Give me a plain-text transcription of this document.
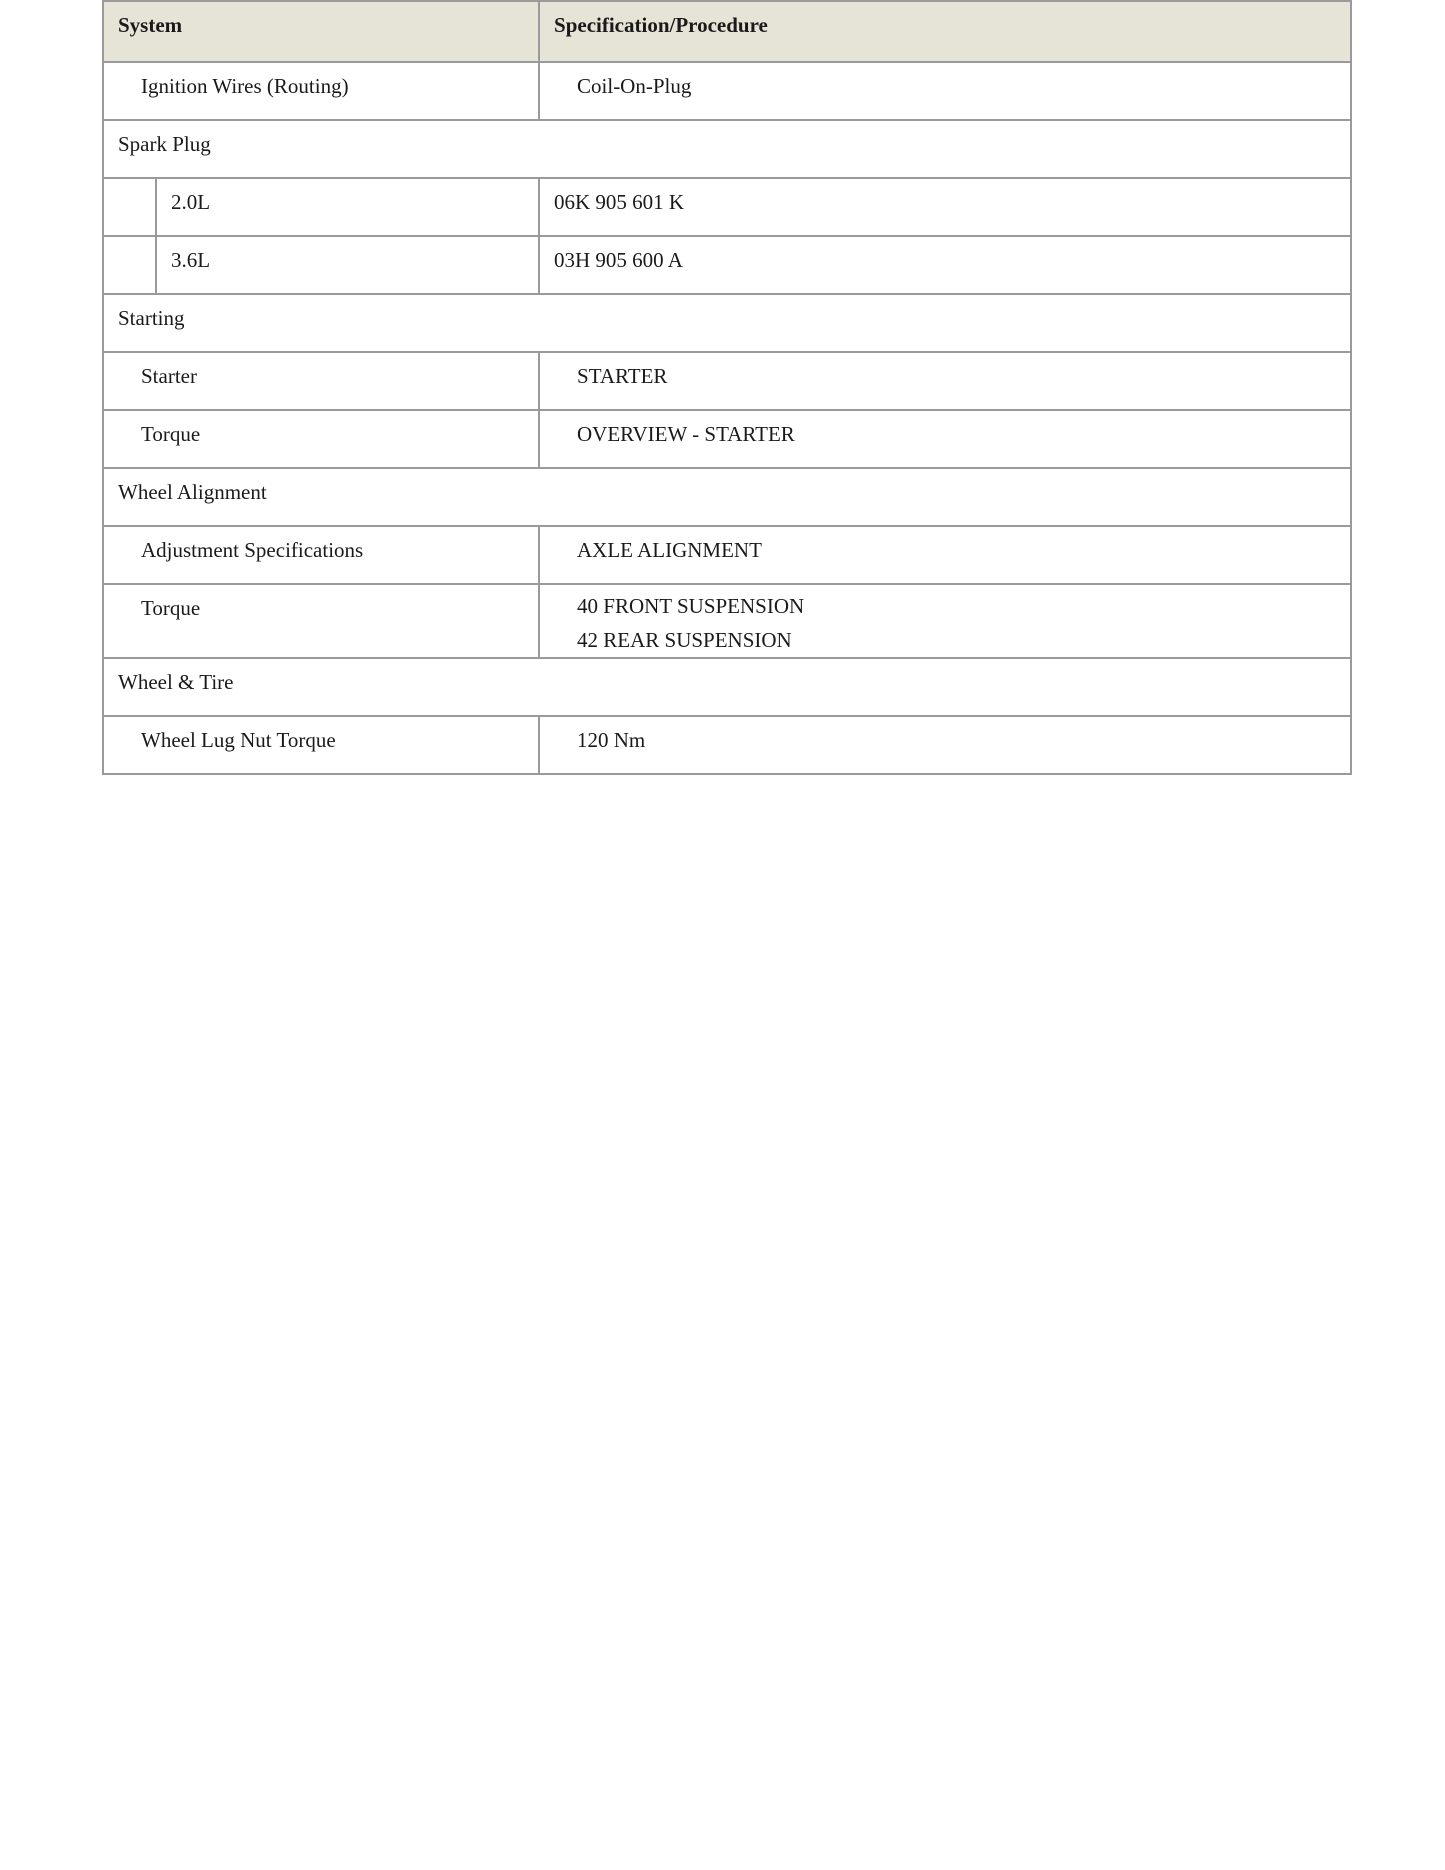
System		Specification/Procedure
Ignition Wires (Routing)		Coil-On-Plug
Spark Plug		
	2.0L	06K 905 601 K
	3.6L	03H 905 600 A
Starting		
Starter		STARTER
Torque		OVERVIEW - STARTER
Wheel Alignment		
Adjustment Specifications		AXLE ALIGNMENT
Torque		40 FRONT SUSPENSION
42 REAR SUSPENSION

Wheel & Tire		
Wheel Lug Nut Torque		120 Nm
